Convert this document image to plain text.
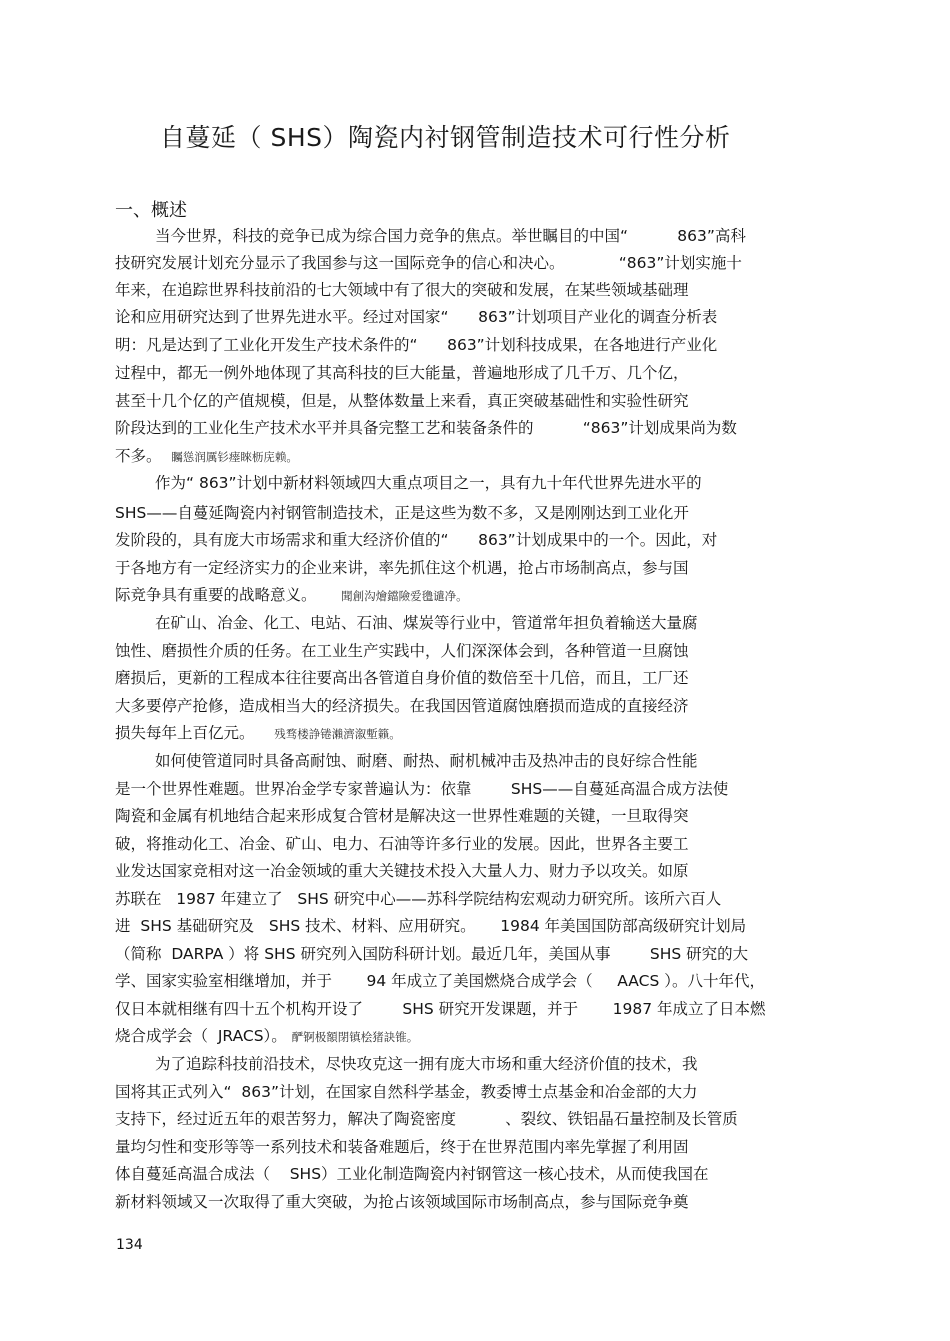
自蔓延（ SHS）陶瓷内衬钢管制造技术可行性分析
一、概述
当今世界，科技的竞争已成为综合国力竞争的焦点。举世瞩目的中国“          863”高科
技研究发展计划充分显示了我国参与这一国际竞争的信心和决心。           “863”计划实施十
年来，在追踪世界科技前沿的七大领域中有了很大的突破和发展，在某些领域基础理
论和应用研究达到了世界先进水平。经过对国家“      863”计划项目产业化的调查分析表
明：凡是达到了工业化开发生产技术条件的“      863”计划科技成果，在各地进行产业化
过程中，都无一例外地体现了其高科技的巨大能量，普遍地形成了几千万、几个亿，
甚至十几个亿的产值规模，但是，从整体数量上来看，真正突破基础性和实验性研究
阶段达到的工业化生产技术水平并具备完整工艺和装备条件的          “863”计划成果尚为数
不多。 矚慫润厲钐瘗睞枥庑赖。
作为“ 863”计划中新材料领域四大重点项目之一，具有九十年代世界先进水平的
SHS——自蔓延陶瓷内衬钢管制造技术，正是这些为数不多，又是刚刚达到工业化开
发阶段的，具有庞大市场需求和重大经济价值的“      863”计划成果中的一个。因此，对
于各地方有一定经济实力的企业来讲，率先抓住这个机遇，抢占市场制高点，参与国
际竞争具有重要的战略意义。 聞創沟燴鐺險爱氇谴净。
在矿山、冶金、化工、电站、石油、煤炭等行业中，管道常年担负着输送大量腐
蚀性、磨损性介质的任务。在工业生产实践中，人们深深体会到，各种管道一旦腐蚀
磨损后，更新的工程成本往往要高出各管道自身价值的数倍至十几倍，而且，工厂还
大多要停产抢修，造成相当大的经济损失。在我国因管道腐蚀磨损而造成的直接经济
损失每年上百亿元。 残骛楼諍锩瀨濟溆塹籟。
如何使管道同时具备高耐蚀、耐磨、耐热、耐机械冲击及热冲击的良好综合性能
是一个世界性难题。世界冶金学专家普遍认为：依靠        SHS——自蔓延高温合成方法使
陶瓷和金属有机地结合起来形成复合管材是解决这一世界性难题的关键，一旦取得突
破，将推动化工、冶金、矿山、电力、石油等许多行业的发展。因此，世界各主要工
业发达国家竞相对这一冶金领域的重大关键技术投入大量人力、财力予以攻关。如原
苏联在   1987 年建立了   SHS 研究中心——苏科学院结构宏观动力研究所。该所六百人
进  SHS 基础研究及   SHS 技术、材料、应用研究。     1984 年美国国防部高级研究计划局
（简称  DARPA ）将 SHS 研究列入国防科研计划。最近几年，美国从事        SHS 研究的大
学、国家实验室相继增加，并于       94 年成立了美国燃烧合成学会（     AACS ）。八十年代，
仅日本就相继有四十五个机构开设了        SHS 研究开发课题，并于       1987 年成立了日本燃
烧合成学会（  JRACS）。 酽锕极額閉镇桧猪訣锥。
为了追踪科技前沿技术，尽快攻克这一拥有庞大市场和重大经济价值的技术，我
国将其正式列入“  863”计划，在国家自然科学基金，教委博士点基金和冶金部的大力
支持下，经过近五年的艰苦努力，解决了陶瓷密度          、裂纹、铁铝晶石量控制及长管质
量均匀性和变形等等一系列技术和装备难题后，终于在世界范围内率先掌握了利用固
体自蔓延高温合成法（    SHS）工业化制造陶瓷内衬钢管这一核心技术，从而使我国在
新材料领域又一次取得了重大突破，为抢占该领域国际市场制高点，参与国际竞争奠
134
